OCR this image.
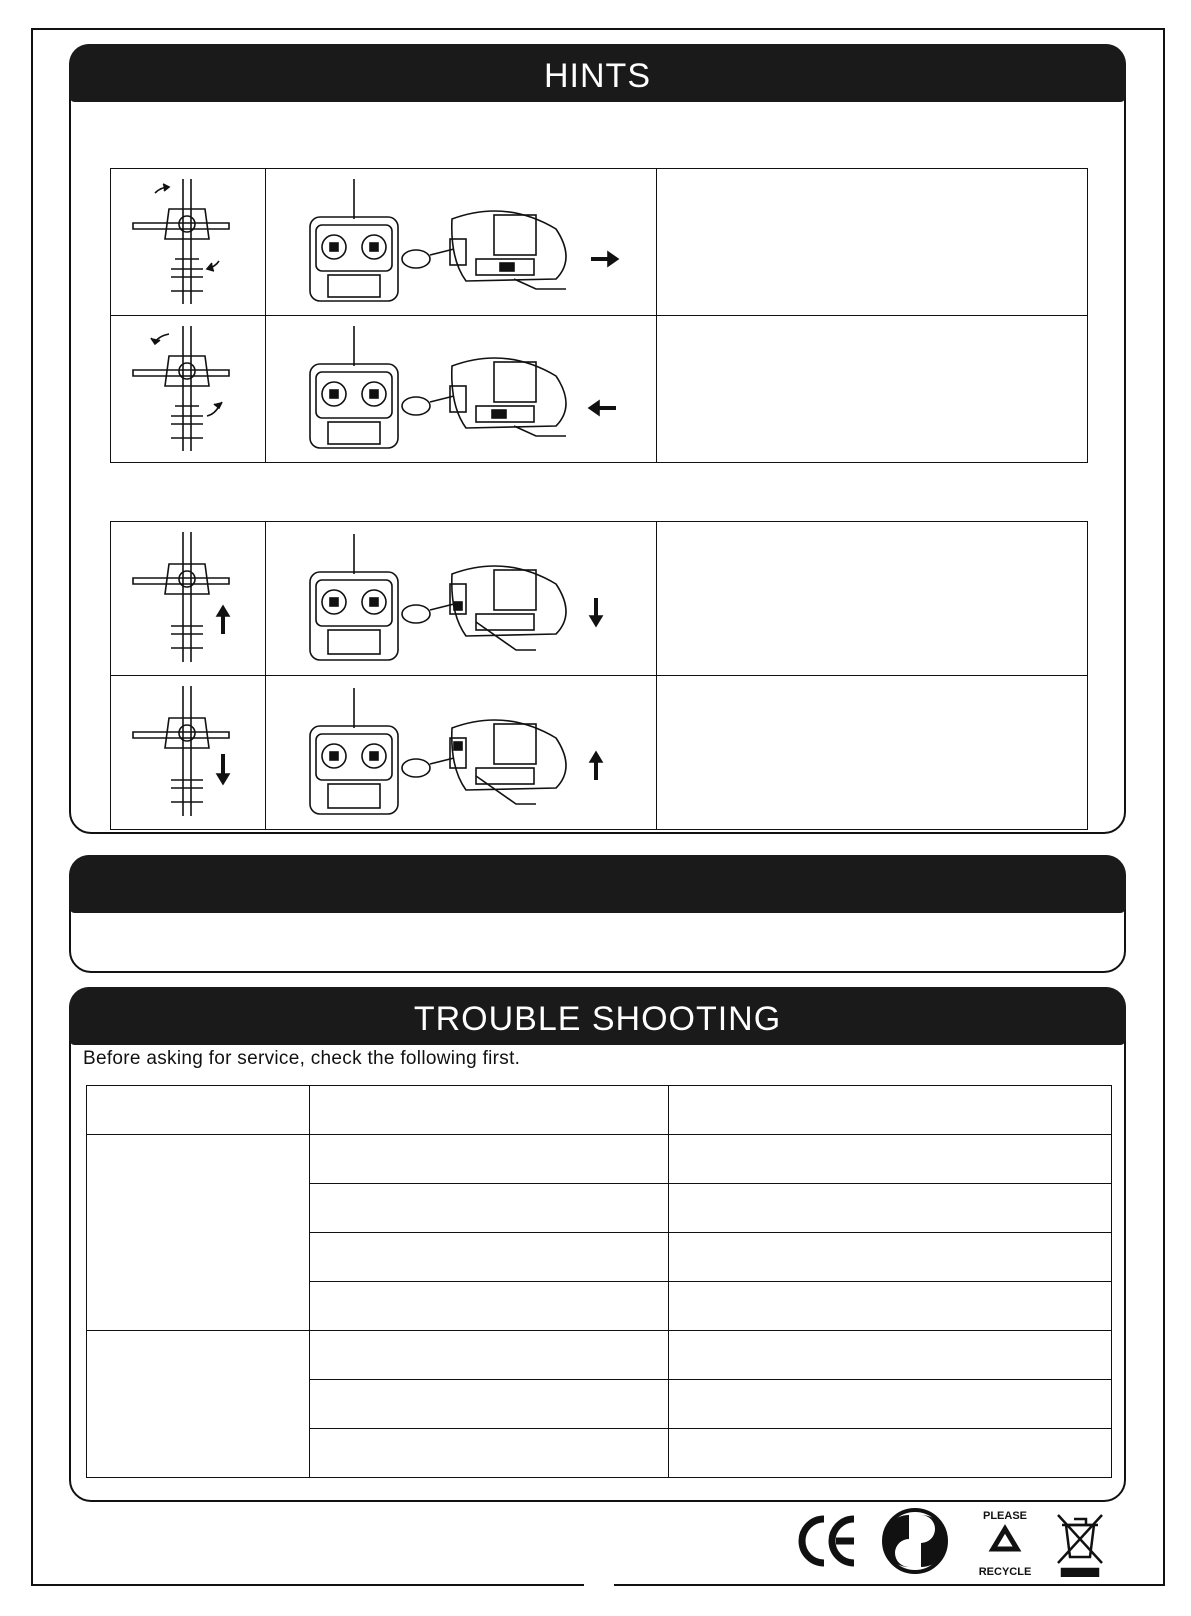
HINTS

TROUBLE SHOOTING
Before asking for service, check the following first.

PLEASE
RECYCLE
